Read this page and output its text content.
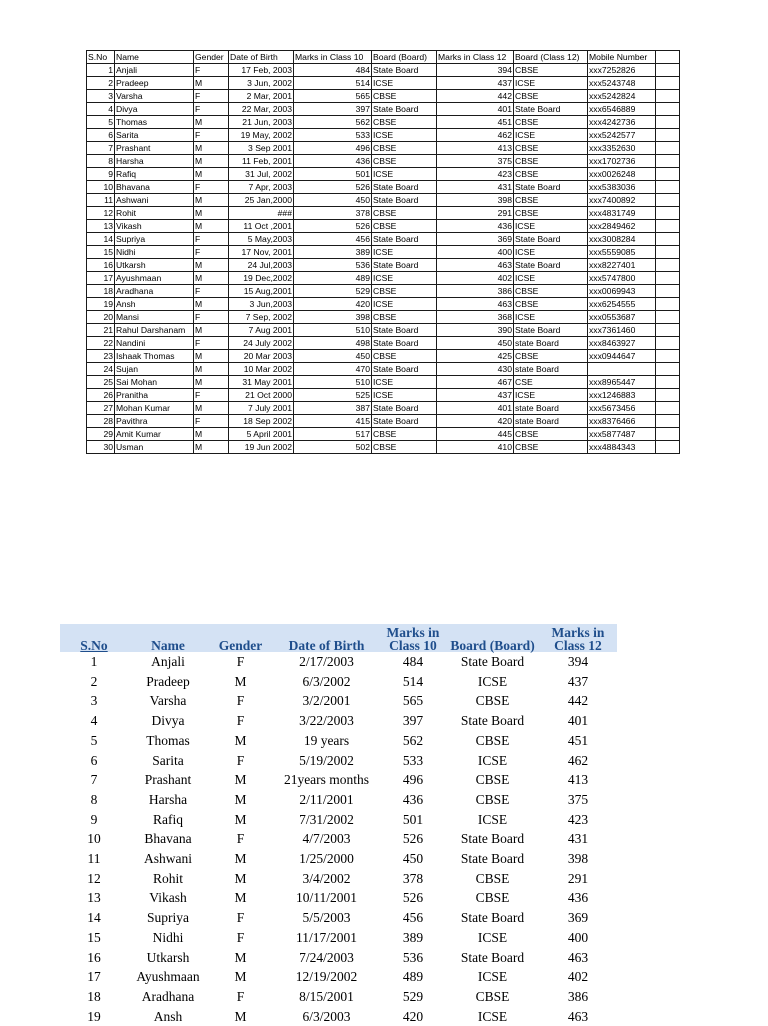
S.No	Name	Gender	Date of Birth	Marks in Class 10	Board (Board)	Marks in Class 12	Board (Class 12)	Mobile Number	
1	Anjali	F	17 Feb, 2003	484	State Board	394	CBSE	xxx7252826	
2	Pradeep	M	3 Jun, 2002	514	ICSE	437	ICSE	xxx5243748	
3	Varsha	F	2 Mar, 2001	565	CBSE	442	CBSE	xxx5242824	
4	Divya	F	22 Mar, 2003	397	State Board	401	State Board	xxx6546889	
5	Thomas	M	21 Jun, 2003	562	CBSE	451	CBSE	xxx4242736	
6	Sarita	F	19 May, 2002	533	ICSE	462	ICSE	xxx5242577	
7	Prashant	M	3 Sep 2001	496	CBSE	413	CBSE	xxx3352630	
8	Harsha	M	11 Feb, 2001	436	CBSE	375	CBSE	xxx1702736	
9	Rafiq	M	31 Jul, 2002	501	ICSE	423	CBSE	xxx0026248	
10	Bhavana	F	7 Apr, 2003	526	State Board	431	State Board	xxx5383036	
11	Ashwani	M	25 Jan,2000	450	State Board	398	CBSE	xxx7400892	
12	Rohit	M	###	378	CBSE	291	CBSE	xxx4831749	
13	Vikash	M	11 Oct ,2001	526	CBSE	436	ICSE	xxx2849462	
14	Supriya	F	5 May,2003	456	State Board	369	State Board	xxx3008284	
15	Nidhi	F	17 Nov, 2001	389	ICSE	400	ICSE	xxx5559085	
16	Utkarsh	M	24 Jul,2003	536	State Board	463	State Board	xxx8227401	
17	Ayushmaan	M	19 Dec,2002	489	ICSE	402	ICSE	xxx5747800	
18	Aradhana	F	15 Aug,2001	529	CBSE	386	CBSE	xxx0069943	
19	Ansh	M	3 Jun,2003	420	ICSE	463	CBSE	xxx6254555	
20	Mansi	F	7 Sep, 2002	398	CBSE	368	ICSE	xxx0553687	
21	Rahul Darshanam	M	7 Aug 2001	510	State Board	390	State Board	xxx7361460	
22	Nandini	F	24 July 2002	498	State Board	450	state Board	xxx8463927	
23	Ishaak Thomas	M	20 Mar 2003	450	CBSE	425	CBSE	xxx0944647	
24	Sujan	M	10 Mar 2002	470	State Board	430	state Board		
25	Sai Mohan	M	31 May 2001	510	ICSE	467	CSE	xxx8965447	
26	Pranitha	F	21 Oct 2000	525	ICSE	437	ICSE	xxx1246883	
27	Mohan Kumar	M	7 July 2001	387	State Board	401	state Board	xxx5673456	
28	Pavithra	F	18 Sep 2002	415	State Board	420	state Board	xxx8376466	
29	Amit Kumar	M	5 April 2001	517	CBSE	445	CBSE	xxx5877487	
30	Usman	M	19 Jun 2002	502	CBSE	410	CBSE	xxx4884343	
S.No	Name	Gender	Date of Birth	Marks in Class 10	Board (Board)	Marks in Class 12
1	Anjali	F	2/17/2003	484	State Board	394
2	Pradeep	M	6/3/2002	514	ICSE	437
3	Varsha	F	3/2/2001	565	CBSE	442
4	Divya	F	3/22/2003	397	State Board	401
5	Thomas	M	19 years	562	CBSE	451
6	Sarita	F	5/19/2002	533	ICSE	462
7	Prashant	M	21years months	496	CBSE	413
8	Harsha	M	2/11/2001	436	CBSE	375
9	Rafiq	M	7/31/2002	501	ICSE	423
10	Bhavana	F	4/7/2003	526	State Board	431
11	Ashwani	M	1/25/2000	450	State Board	398
12	Rohit	M	3/4/2002	378	CBSE	291
13	Vikash	M	10/11/2001	526	CBSE	436
14	Supriya	F	5/5/2003	456	State Board	369
15	Nidhi	F	11/17/2001	389	ICSE	400
16	Utkarsh	M	7/24/2003	536	State Board	463
17	Ayushmaan	M	12/19/2002	489	ICSE	402
18	Aradhana	F	8/15/2001	529	CBSE	386
19	Ansh	M	6/3/2003	420	ICSE	463
